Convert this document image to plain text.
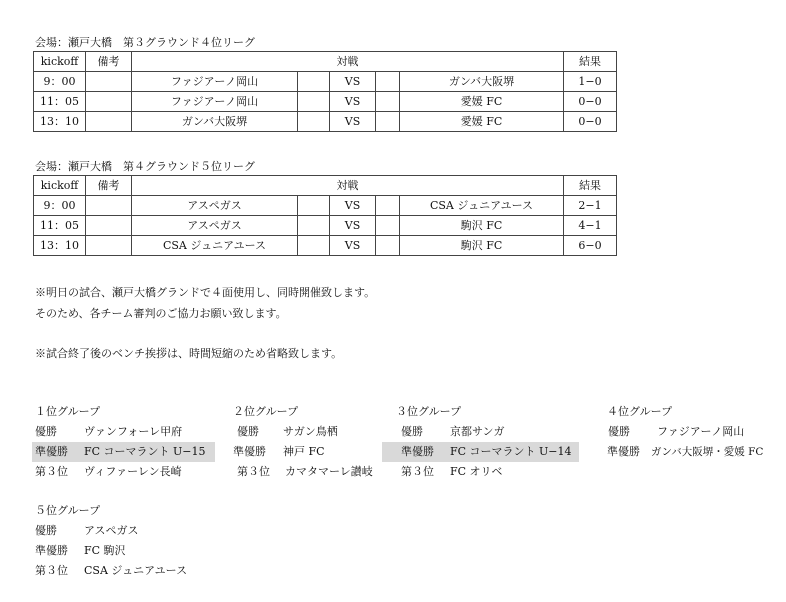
会場：瀬戸大橋　第３グラウンド４位リーグ
kickoff	備考	対戦					結果
9：00		ファジアーノ岡山		VS		ガンバ大阪堺	1−0
11：05		ファジアーノ岡山		VS		愛媛 FC	0−0
13：10		ガンバ大阪堺		VS		愛媛 FC	0−0
会場：瀬戸大橋　第４グラウンド５位リーグ
kickoff	備考	対戦					結果
9：00		アスペガス		VS		CSA ジュニアユース	2−1
11：05		アスペガス		VS		駒沢 FC	4−1
13：10		CSA ジュニアユース		VS		駒沢 FC	6−0
※明日の試合、瀬戸大橋グランドで４面使用し、同時開催致します。
そのため、各チーム審判のご協力お願い致します。
※試合終了後のベンチ挨拶は、時間短縮のため省略致します。
１位グループ
優勝 ヴァンフォーレ甲府
準優勝 FC コーマラント U−15
第３位 ヴィファーレン長崎
２位グループ
優勝 サガン鳥栖
準優勝 神戸 FC
第３位 カマタマーレ讃岐
３位グループ
優勝 京都サンガ
準優勝 FC コーマラント U−14
第３位 FC オリベ
４位グループ
優勝 ファジアーノ岡山
準優勝 ガンバ大阪堺・愛媛 FC
５位グループ
優勝 アスペガス
準優勝 FC 駒沢
第３位 CSA ジュニアユース
